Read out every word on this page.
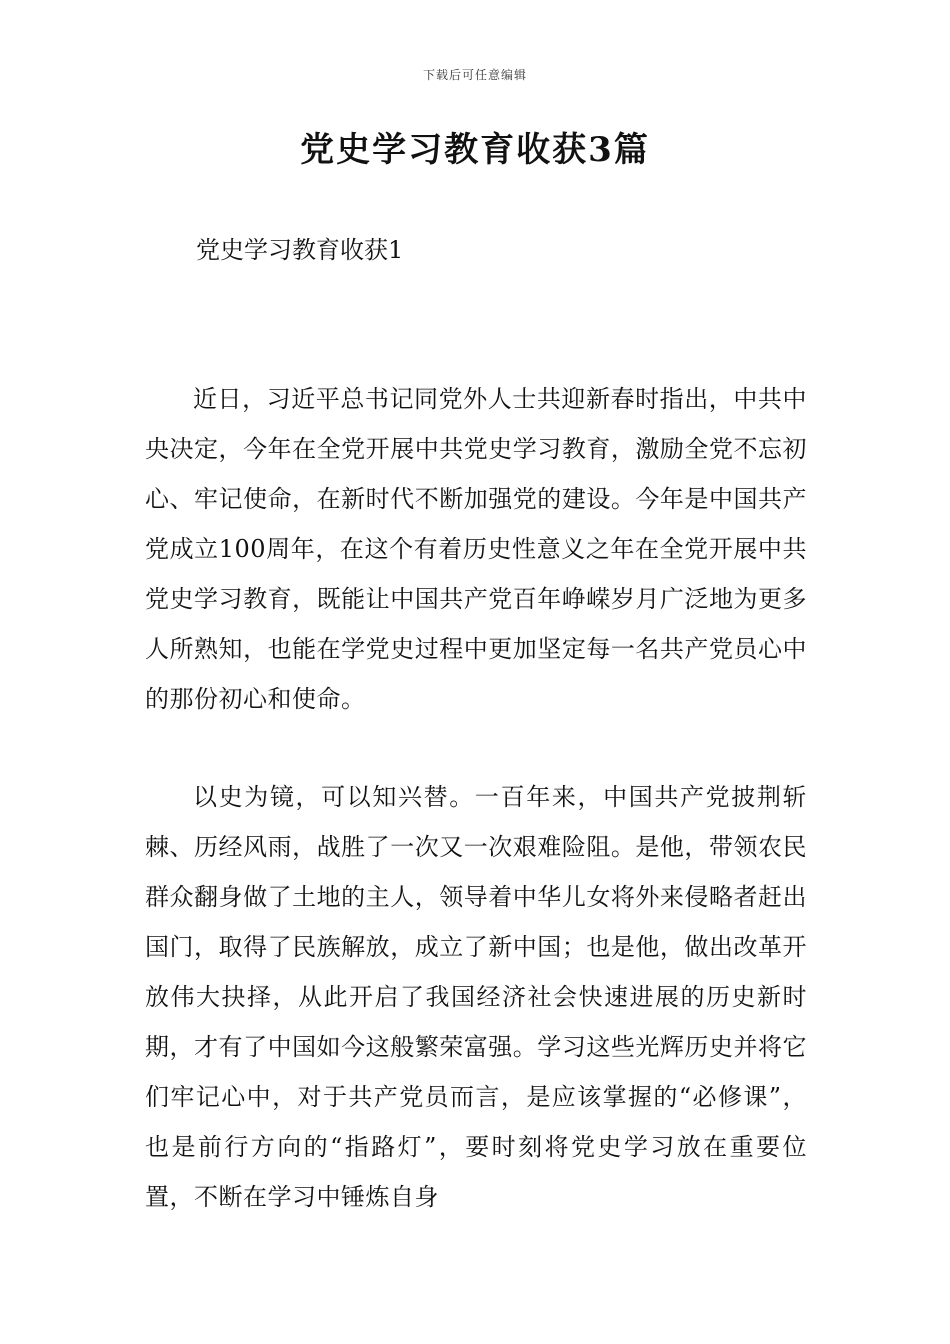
下载后可任意编辑
党史学习教育收获3篇
党史学习教育收获1

近日，习近平总书记同党外人士共迎新春时指出，中共中央决定，今年在全党开展中共党史学习教育，激励全党不忘初心、牢记使命，在新时代不断加强党的建设。今年是中国共产党成立100周年，在这个有着历史性意义之年在全党开展中共党史学习教育，既能让中国共产党百年峥嵘岁月广泛地为更多人所熟知，也能在学党史过程中更加坚定每一名共产党员心中的那份初心和使命。

以史为镜，可以知兴替。一百年来，中国共产党披荆斩棘、历经风雨，战胜了一次又一次艰难险阻。是他，带领农民群众翻身做了土地的主人，领导着中华儿女将外来侵略者赶出国门，取得了民族解放，成立了新中国；也是他，做出改革开放伟大抉择，从此开启了我国经济社会快速进展的历史新时期，才有了中国如今这般繁荣富强。学习这些光辉历史并将它们牢记心中，对于共产党员而言，是应该掌握的“必修课”，也是前行方向的“指路灯”，要时刻将党史学习放在重要位置，不断在学习中锤炼自身
